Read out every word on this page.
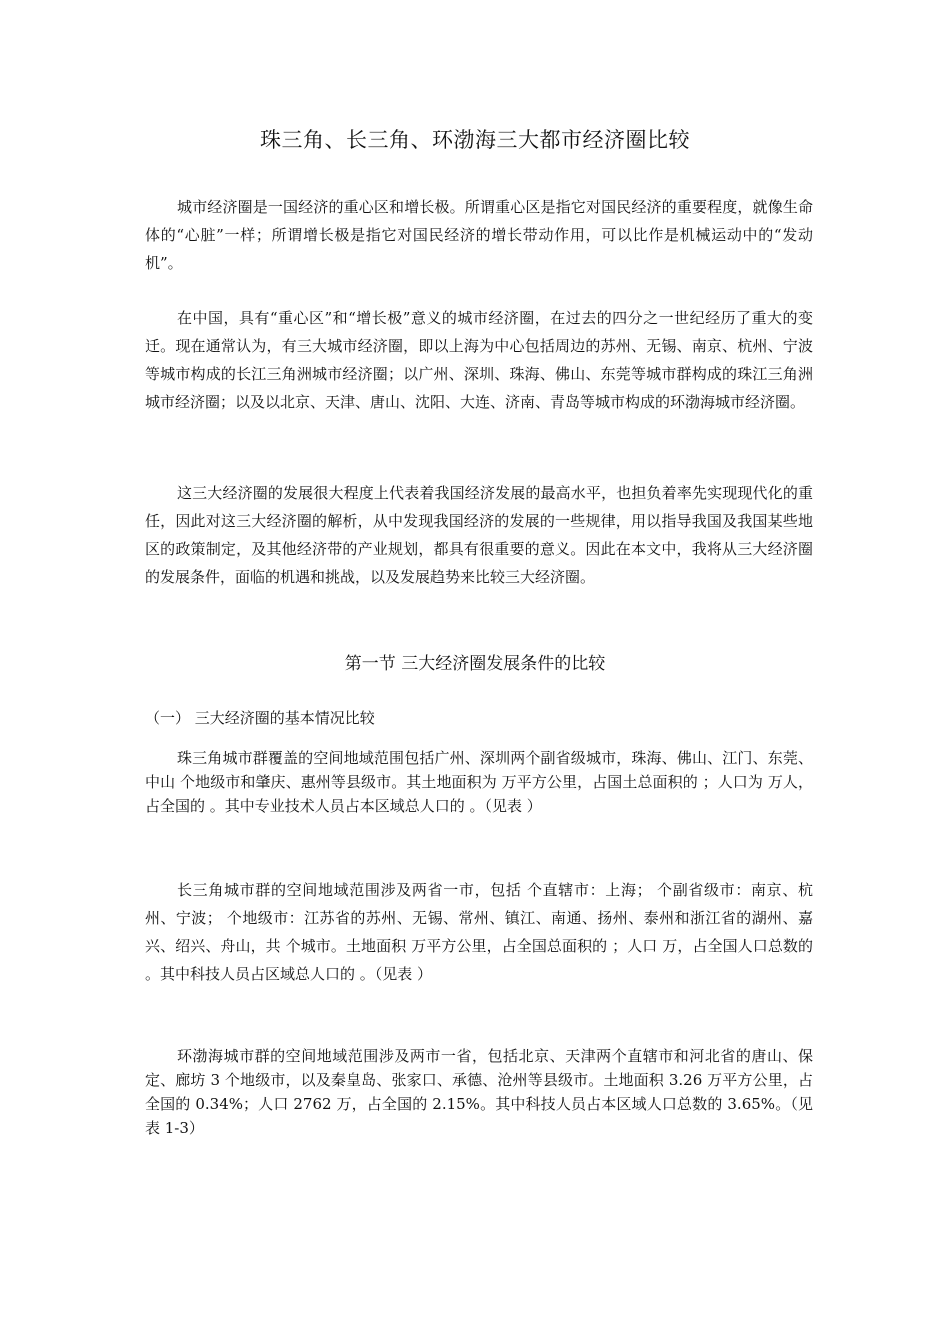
珠三角、长三角、环渤海三大都市经济圈比较

城市经济圈是一国经济的重心区和增长极。所谓重心区是指它对国民经济的重要程度，就像生命体的“心脏”一样；所谓增长极是指它对国民经济的增长带动作用，可以比作是机械运动中的“发动机”。

在中国，具有“重心区”和“增长极”意义的城市经济圈，在过去的四分之一世纪经历了重大的变迁。现在通常认为，有三大城市经济圈，即以上海为中心包括周边的苏州、无锡、南京、杭州、宁波等城市构成的长江三角洲城市经济圈；以广州、深圳、珠海、佛山、东莞等城市群构成的珠江三角洲城市经济圈；以及以北京、天津、唐山、沈阳、大连、济南、青岛等城市构成的环渤海城市经济圈。

这三大经济圈的发展很大程度上代表着我国经济发展的最高水平，也担负着率先实现现代化的重任，因此对这三大经济圈的解析，从中发现我国经济的发展的一些规律，用以指导我国及我国某些地区的政策制定，及其他经济带的产业规划，都具有很重要的意义。因此在本文中，我将从三大经济圈的发展条件，面临的机遇和挑战，以及发展趋势来比较三大经济圈。

第一节 三大经济圈发展条件的比较
（一） 三大经济圈的基本情况比较

珠三角城市群覆盖的空间地域范围包括广州、深圳两个副省级城市，珠海、佛山、江门、东莞、中山 个地级市和肇庆、惠州等县级市。其土地面积为 万平方公里，占国土总面积的 ；人口为 万人，占全国的 。其中专业技术人员占本区域总人口的 。（见表 ）

长三角城市群的空间地域范围涉及两省一市，包括 个直辖市：上海； 个副省级市：南京、杭州、宁波； 个地级市：江苏省的苏州、无锡、常州、镇江、南通、扬州、泰州和浙江省的湖州、嘉兴、绍兴、舟山，共 个城市。土地面积 万平方公里，占全国总面积的 ；人口 万，占全国人口总数的 。其中科技人员占区域总人口的 。（见表 ）

环渤海城市群的空间地域范围涉及两市一省，包括北京、天津两个直辖市和河北省的唐山、保定、廊坊 3 个地级市，以及秦皇岛、张家口、承德、沧州等县级市。土地面积 3.26 万平方公里，占全国的 0.34%；人口 2762 万，占全国的 2.15%。其中科技人员占本区域人口总数的 3.65%。（见表 1-3）
